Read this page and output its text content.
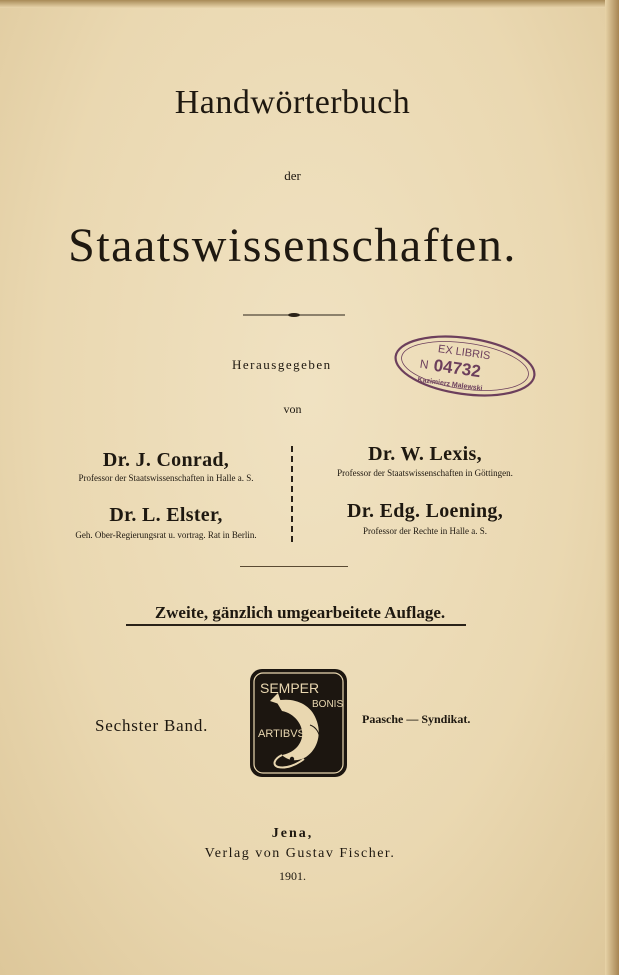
Handwörterbuch
der
Staatswissenschaften.
Herausgegeben
von
Dr. J. Conrad,
Professor der Staatswissenschaften in Halle a. S.
Dr. W. Lexis,
Professor der Staatswissenschaften in Göttingen.
Dr. L. Elster,
Geh. Ober-Regierungsrat u. vortrag. Rat in Berlin.
Dr. Edg. Loening,
Professor der Rechte in Halle a. S.
Zweite, gänzlich umgearbeitete Auflage.
Sechster Band.	Paasche — Syndikat.
SEMPER
BONIS
ARTIBVS
EX LIBRIS
N 04732
Kazimierz Malewski
Jena,
Verlag von Gustav Fischer.
1901.
